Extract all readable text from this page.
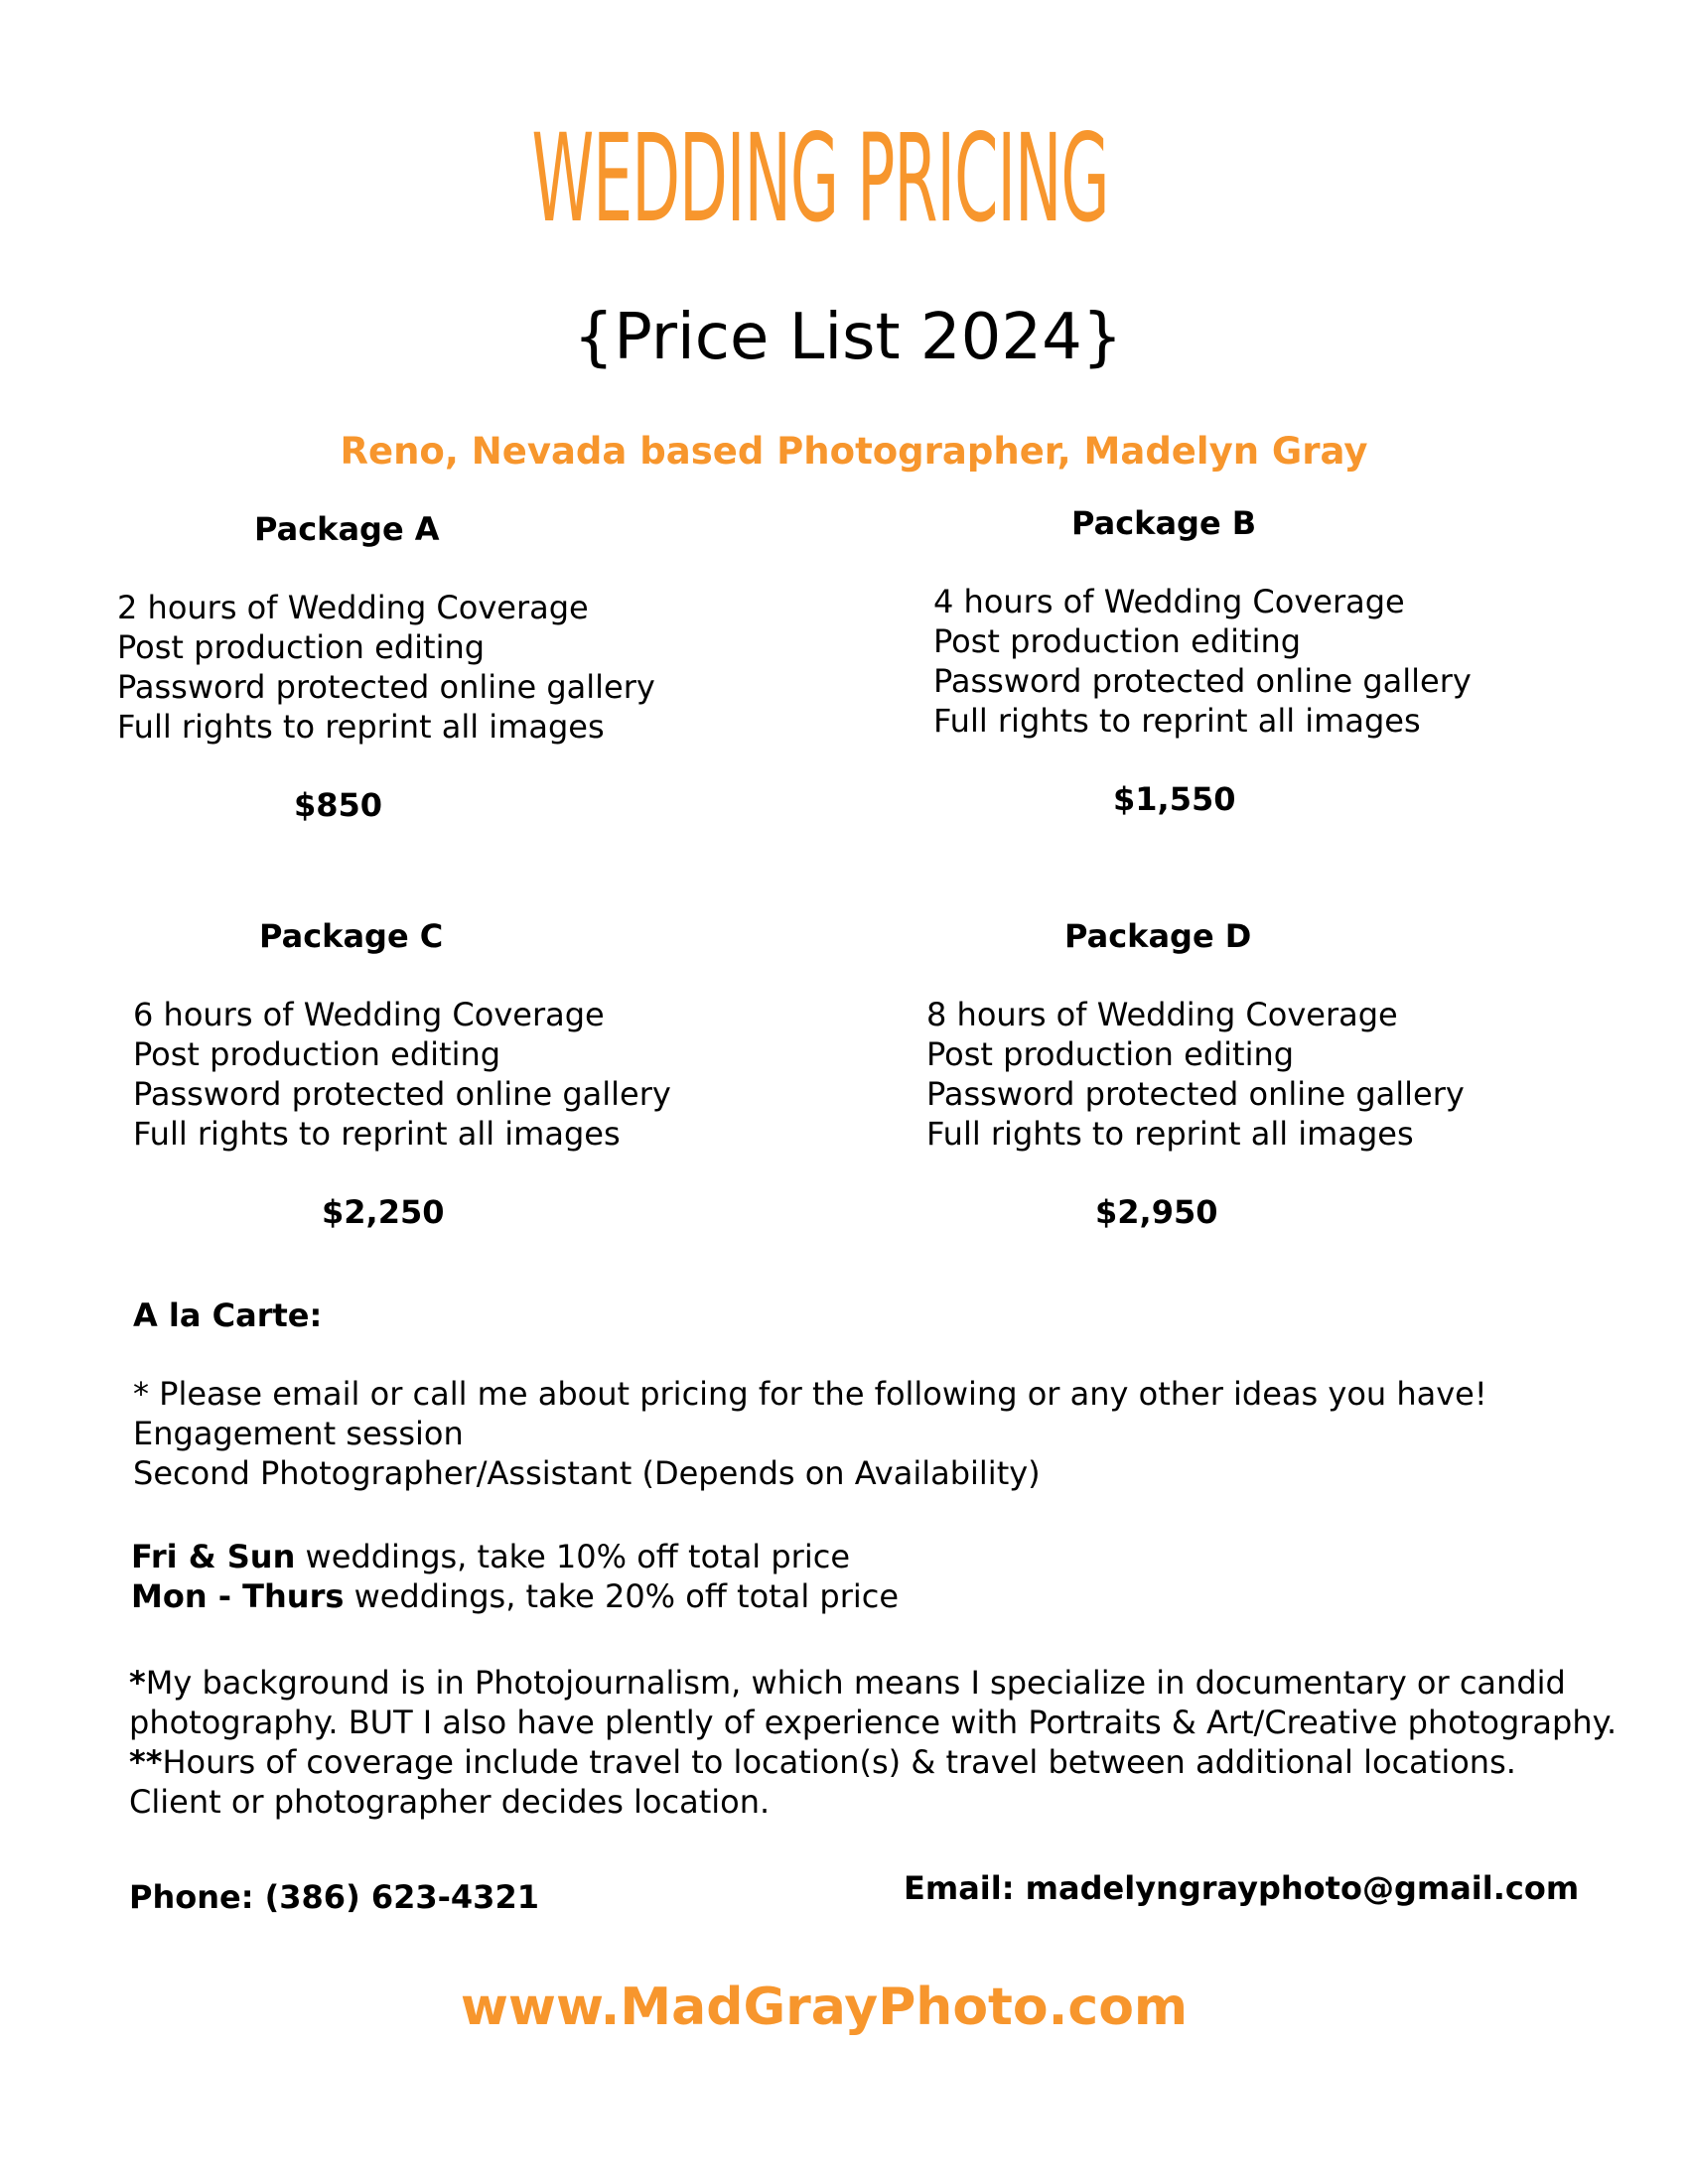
WEDDING PRICING
{Price List 2024}
Reno, Nevada based Photographer, Madelyn Gray
Package A
2 hours of Wedding Coverage
Post production editing
Password protected online gallery
Full rights to reprint all images
$850
Package B
4 hours of Wedding Coverage
Post production editing
Password protected online gallery
Full rights to reprint all images
$1,550
Package C
6 hours of Wedding Coverage
Post production editing
Password protected online gallery
Full rights to reprint all images
$2,250
Package D
8 hours of Wedding Coverage
Post production editing
Password protected online gallery
Full rights to reprint all images
$2,950
A la Carte:
* Please email or call me about pricing for the following or any other ideas you have!
Engagement session
Second Photographer/Assistant (Depends on Availability)
Fri & Sun weddings, take 10% off total price
Mon - Thurs weddings, take 20% off total price
*My background is in Photojournalism, which means I specialize in documentary or candid
photography. BUT I also have plently of experience with Portraits & Art/Creative photography.
**Hours of coverage include travel to location(s) & travel between additional locations.
Client or photographer decides location.
Phone: (386) 623-4321	Email: madelyngrayphoto@gmail.com
www.MadGrayPhoto.com
